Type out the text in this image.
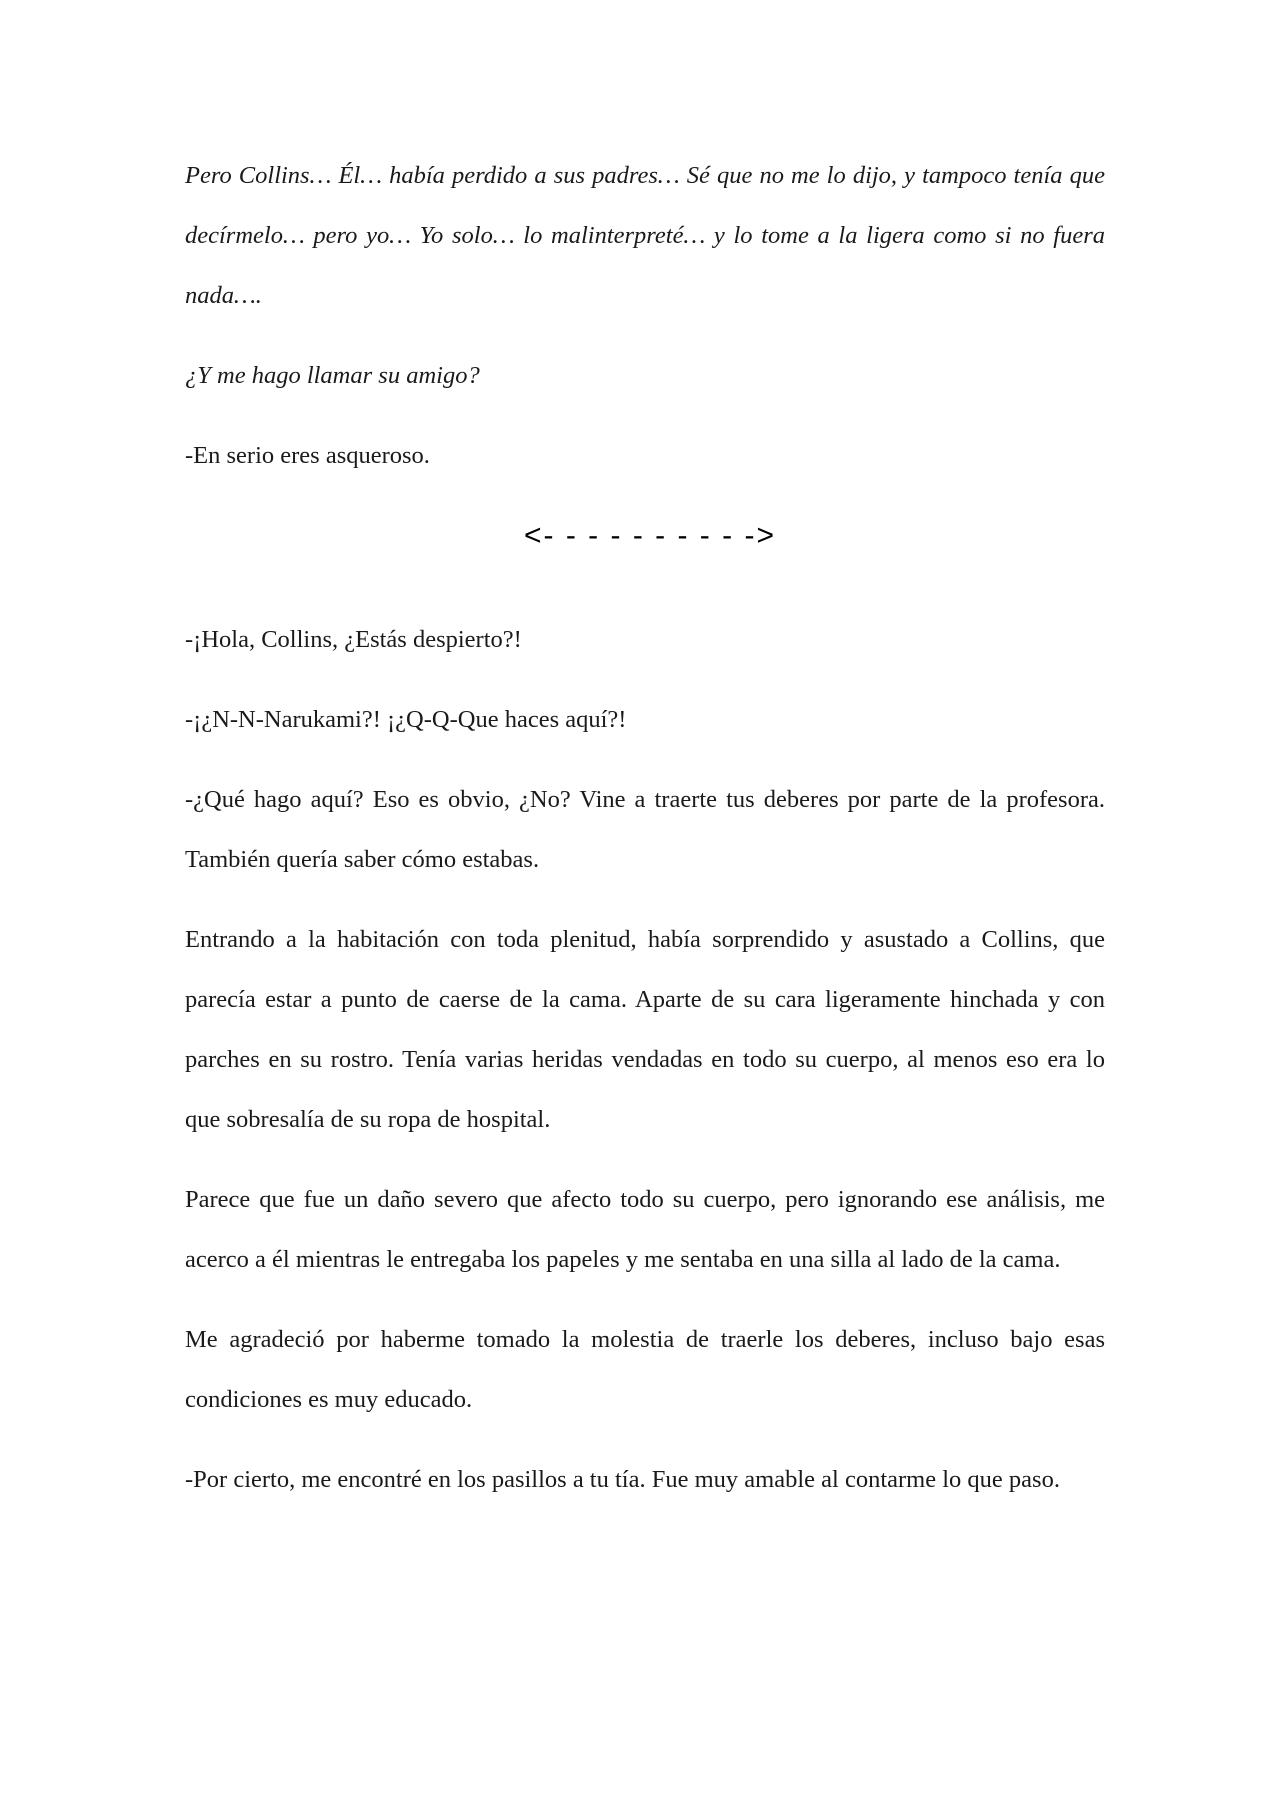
Pero Collins… Él… había perdido a sus padres… Sé que no me lo dijo, y tampoco tenía que decírmelo… pero yo… Yo solo… lo malinterpreté… y lo tome a la ligera como si no fuera nada….

¿Y me hago llamar su amigo?

-En serio eres asqueroso.

<- - - - - - - - - ->

-¡Hola, Collins, ¿Estás despierto?!

-¡¿N-N-Narukami?! ¡¿Q-Q-Que haces aquí?!

-¿Qué hago aquí? Eso es obvio, ¿No? Vine a traerte tus deberes por parte de la profesora. También quería saber cómo estabas.

Entrando a la habitación con toda plenitud, había sorprendido y asustado a Collins, que parecía estar a punto de caerse de la cama. Aparte de su cara ligeramente hinchada y con parches en su rostro. Tenía varias heridas vendadas en todo su cuerpo, al menos eso era lo que sobresalía de su ropa de hospital.

Parece que fue un daño severo que afecto todo su cuerpo, pero ignorando ese análisis, me acerco a él mientras le entregaba los papeles y me sentaba en una silla al lado de la cama.

Me agradeció por haberme tomado la molestia de traerle los deberes, incluso bajo esas condiciones es muy educado.

-Por cierto, me encontré en los pasillos a tu tía. Fue muy amable al contarme lo que paso.
